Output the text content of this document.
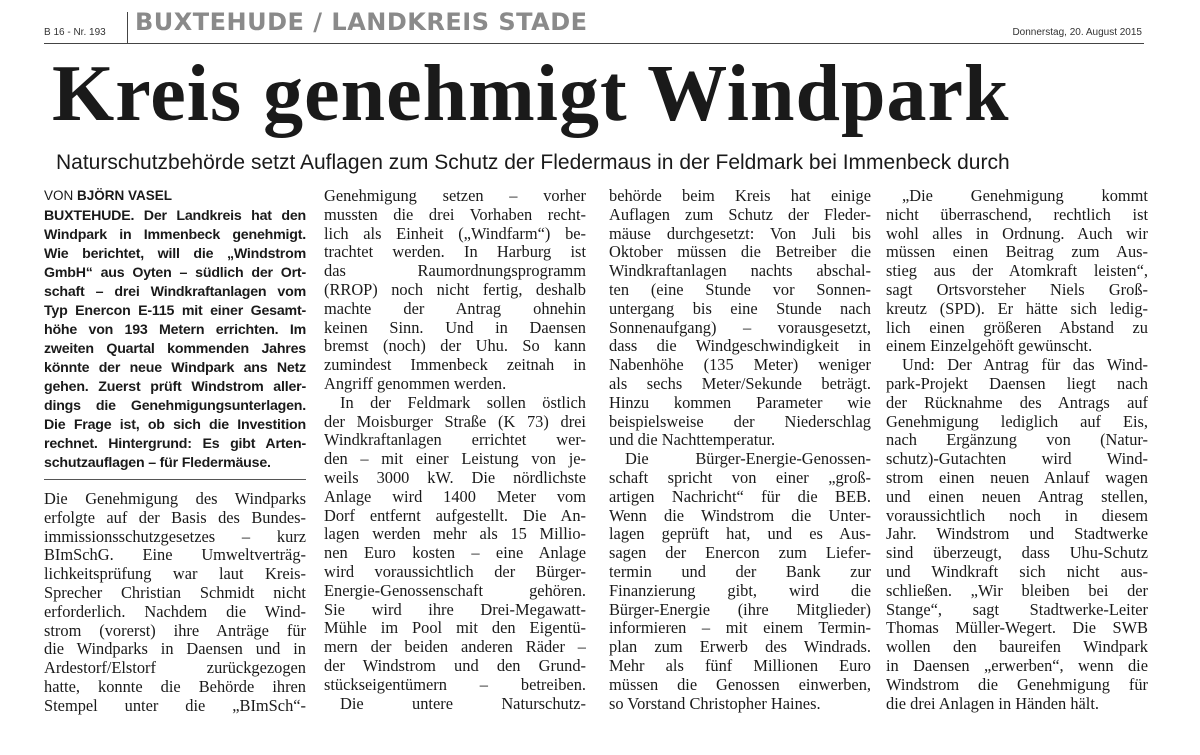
B 16 - Nr. 193 BUXTEHUDE / LANDKREIS STADE	Donnerstag, 20. August 2015
Kreis genehmigt Windpark
Naturschutzbehörde setzt Auflagen zum Schutz der Fledermaus in der Feldmark bei Immenbeck durch

VON BJÖRN VASEL

BUXTEHUDE. Der Landkreis hat den
Windpark in Immenbeck genehmigt.
Wie berichtet, will die „Windstrom
GmbH“ aus Oyten – südlich der Ort-
schaft – drei Windkraftanlagen vom
Typ Enercon E-115 mit einer Gesamt-
höhe von 193 Metern errichten. Im
zweiten Quartal kommenden Jahres
könnte der neue Windpark ans Netz
gehen. Zuerst prüft Windstrom aller-
dings die Genehmigungsunterlagen.
Die Frage ist, ob sich die Investition
rechnet. Hintergrund: Es gibt Arten-
schutzauflagen – für Fledermäuse.
Die Genehmigung des Windparks
erfolgte auf der Basis des Bundes-
immissionsschutzgesetzes – kurz
BImSchG. Eine Umweltverträg-
lichkeitsprüfung war laut Kreis-
Sprecher Christian Schmidt nicht
erforderlich. Nachdem die Wind-
strom (vorerst) ihre Anträge für
die Windparks in Daensen und in
Ardestorf/Elstorf zurückgezogen
hatte, konnte die Behörde ihren
Stempel unter die „BImSch“-
Genehmigung setzen – vorher
mussten die drei Vorhaben recht-
lich als Einheit („Windfarm“) be-
trachtet werden. In Harburg ist
das Raumordnungsprogramm
(RROP) noch nicht fertig, deshalb
machte der Antrag ohnehin
keinen Sinn. Und in Daensen
bremst (noch) der Uhu. So kann
zumindest Immenbeck zeitnah in
Angriff genommen werden.
In der Feldmark sollen östlich
der Moisburger Straße (K 73) drei
Windkraftanlagen errichtet wer-
den – mit einer Leistung von je-
weils 3000 kW. Die nördlichste
Anlage wird 1400 Meter vom
Dorf entfernt aufgestellt. Die An-
lagen werden mehr als 15 Millio-
nen Euro kosten – eine Anlage
wird voraussichtlich der Bürger-
Energie-Genossenschaft gehören.
Sie wird ihre Drei-Megawatt-
Mühle im Pool mit den Eigentü-
mern der beiden anderen Räder –
der Windstrom und den Grund-
stückseigentümern – betreiben.
Die untere Naturschutz-
behörde beim Kreis hat einige
Auflagen zum Schutz der Fleder-
mäuse durchgesetzt: Von Juli bis
Oktober müssen die Betreiber die
Windkraftanlagen nachts abschal-
ten (eine Stunde vor Sonnen-
untergang bis eine Stunde nach
Sonnenaufgang) – vorausgesetzt,
dass die Windgeschwindigkeit in
Nabenhöhe (135 Meter) weniger
als sechs Meter/Sekunde beträgt.
Hinzu kommen Parameter wie
beispielsweise der Niederschlag
und die Nachttemperatur.
Die Bürger-Energie-Genossen-
schaft spricht von einer „groß-
artigen Nachricht“ für die BEB.
Wenn die Windstrom die Unter-
lagen geprüft hat, und es Aus-
sagen der Enercon zum Liefer-
termin und der Bank zur
Finanzierung gibt, wird die
Bürger-Energie (ihre Mitglieder)
informieren – mit einem Termin-
plan zum Erwerb des Windrads.
Mehr als fünf Millionen Euro
müssen die Genossen einwerben,
so Vorstand Christopher Haines.
„Die Genehmigung kommt
nicht überraschend, rechtlich ist
wohl alles in Ordnung. Auch wir
müssen einen Beitrag zum Aus-
stieg aus der Atomkraft leisten“,
sagt Ortsvorsteher Niels Groß-
kreutz (SPD). Er hätte sich ledig-
lich einen größeren Abstand zu
einem Einzelgehöft gewünscht.
Und: Der Antrag für das Wind-
park-Projekt Daensen liegt nach
der Rücknahme des Antrags auf
Genehmigung lediglich auf Eis,
nach Ergänzung von (Natur-
schutz)-Gutachten wird Wind-
strom einen neuen Anlauf wagen
und einen neuen Antrag stellen,
voraussichtlich noch in diesem
Jahr. Windstrom und Stadtwerke
sind überzeugt, dass Uhu-Schutz
und Windkraft sich nicht aus-
schließen. „Wir bleiben bei der
Stange“, sagt Stadtwerke-Leiter
Thomas Müller-Wegert. Die SWB
wollen den baureifen Windpark
in Daensen „erwerben“, wenn die
Windstrom die Genehmigung für
die drei Anlagen in Händen hält.
